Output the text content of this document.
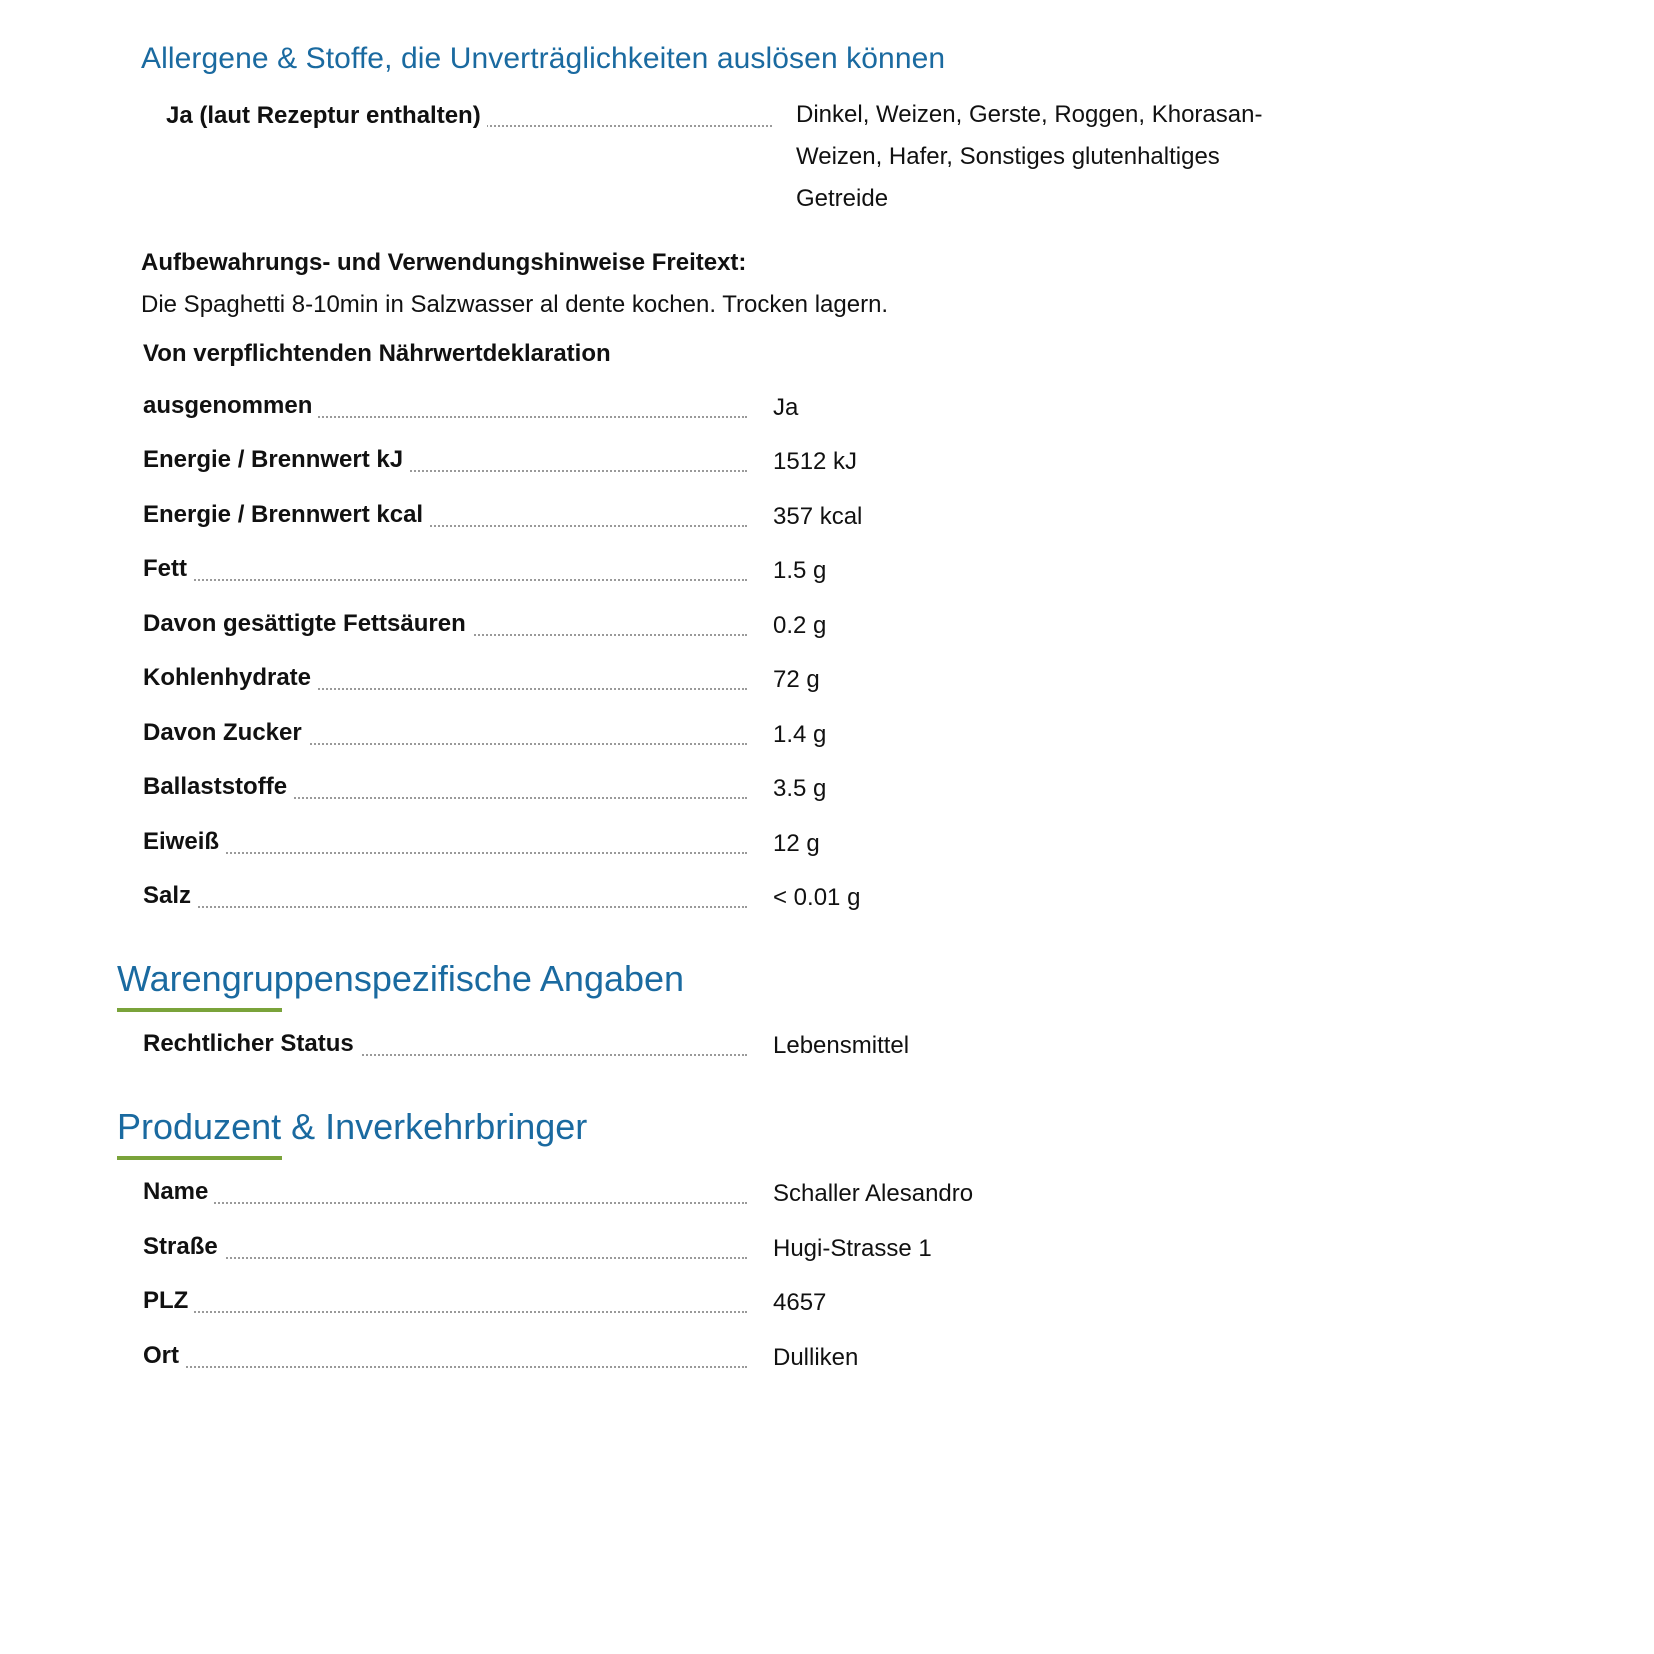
Allergene & Stoffe, die Unverträglichkeiten auslösen können
Ja (laut Rezeptur enthalten)	Dinkel, Weizen, Gerste, Roggen, Khorasan-Weizen, Hafer, Sonstiges glutenhaltiges Getreide
Aufbewahrungs- und Verwendungshinweise Freitext:
Die Spaghetti 8-10min in Salzwasser al dente kochen. Trocken lagern.
Von verpflichtenden Nährwertdeklaration
ausgenommen	Ja
Energie / Brennwert kJ	1512 kJ
Energie / Brennwert kcal	357 kcal
Fett	1.5 g
Davon gesättigte Fettsäuren	0.2 g
Kohlenhydrate	72 g
Davon Zucker	1.4 g
Ballaststoffe	3.5 g
Eiweiß	12 g
Salz	< 0.01 g
Warengruppenspezifische Angaben
Rechtlicher Status	Lebensmittel
Produzent & Inverkehrbringer
Name	Schaller Alesandro
Straße	Hugi-Strasse 1
PLZ	4657
Ort	Dulliken
